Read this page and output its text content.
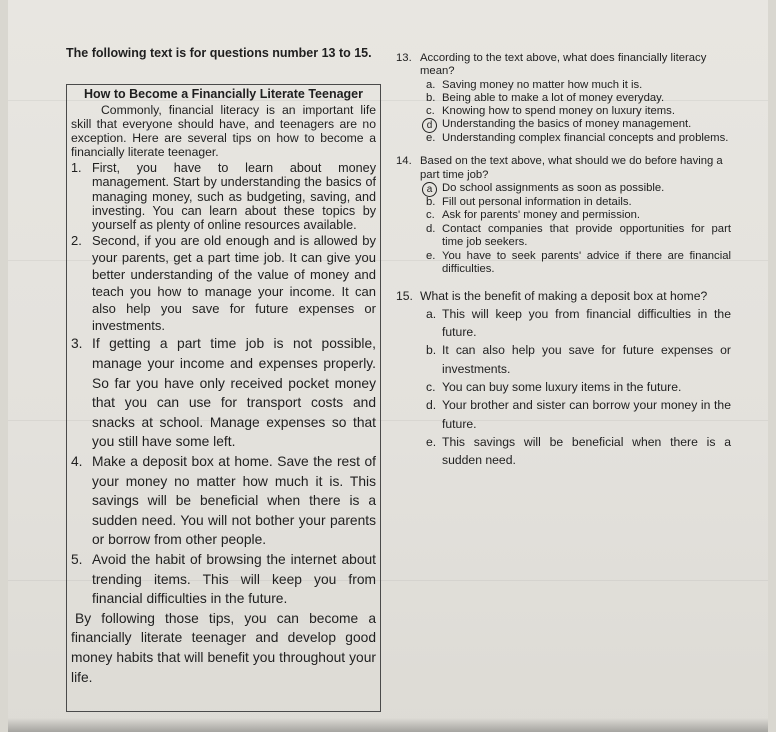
The following text is for questions number 13 to 15.

How to Become a Financially Literate Teenager

Commonly, financial literacy is an important life skill that everyone should have, and teenagers are no exception. Here are several tips on how to become a financially literate teenager.

1. First, you have to learn about money management. Start by understanding the basics of managing money, such as budgeting, saving, and investing. You can learn about these topics by yourself as plenty of online resources available.
2. Second, if you are old enough and is allowed by your parents, get a part time job. It can give you better understanding of the value of money and teach you how to manage your income. It can also help you save for future expenses or investments.
3. If getting a part time job is not possible, manage your income and expenses properly. So far you have only received pocket money that you can use for transport costs and snacks at school. Manage expenses so that you still have some left.
4. Make a deposit box at home. Save the rest of your money no matter how much it is. This savings will be beneficial when there is a sudden need. You will not bother your parents or borrow from other people.
5. Avoid the habit of browsing the internet about trending items. This will keep you from financial difficulties in the future.

By following those tips, you can become a financially literate teenager and develop good money habits that will benefit you throughout your life.

13. According to the text above, what does financially literacy mean?
a. Saving money no matter how much it is.
b. Being able to make a lot of money everyday.
c. Knowing how to spend money on luxury items.
d Understanding the basics of money management.
e. Understanding complex financial concepts and problems.
14. Based on the text above, what should we do before having a part time job?
a Do school assignments as soon as possible.
b. Fill out personal information in details.
c. Ask for parents' money and permission.
d. Contact companies that provide opportunities for part time job seekers.
e. You have to seek parents' advice if there are financial difficulties.
15. What is the benefit of making a deposit box at home?
a. This will keep you from financial difficulties in the future.
b. It can also help you save for future expenses or investments.
c. You can buy some luxury items in the future.
d. Your brother and sister can borrow your money in the future.
e. This savings will be beneficial when there is a sudden need.
